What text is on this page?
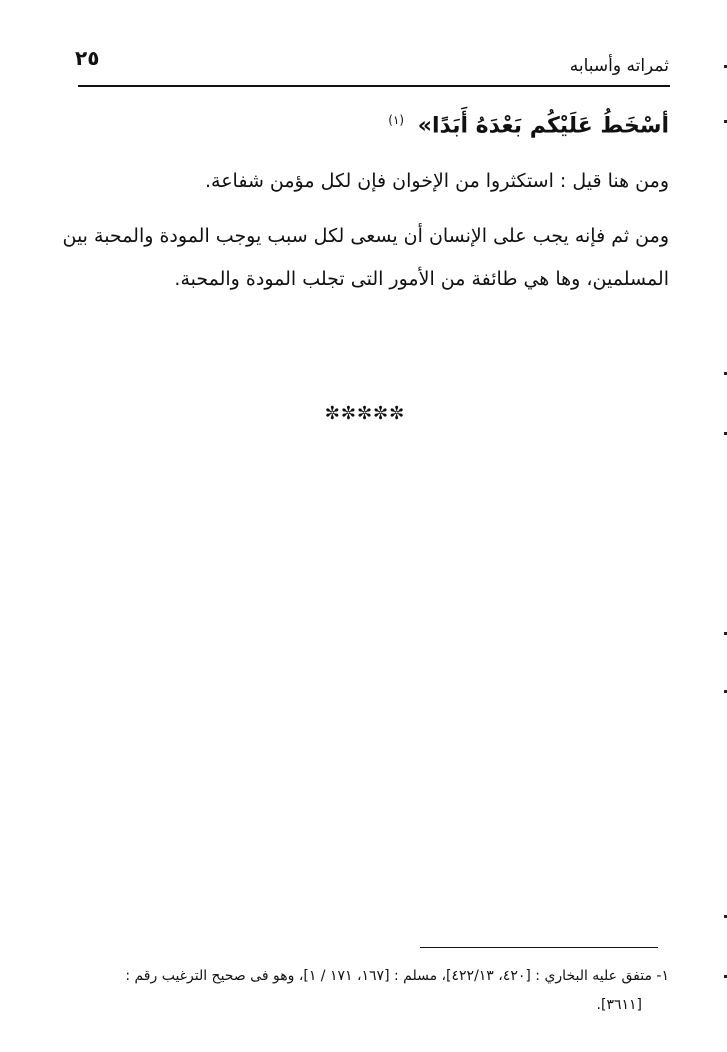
٢٥	ثمراته وأسبابه
أسْخَطُ عَلَيْكُم بَعْدَهُ أَبَدًا» $^{(١)}$
ومن هنا قيل : استكثروا من الإخوان فإن لكل مؤمن شفاعة.
ومن ثم فإنه يجب على الإنسان أن يسعى لكل سبب يوجب المودة والمحبة بين
المسلمين، وها هي طائفة من الأمور التى تجلب المودة والمحبة.
✼✼✼✼✼
١- متفق عليه البخاري : [٤٢٠، ٤٢٢/١٣]، مسلم : [١٦٧، ١٧١ / ١]، وهو فى صحيح الترغيب رقم :
[٣٦١١].
